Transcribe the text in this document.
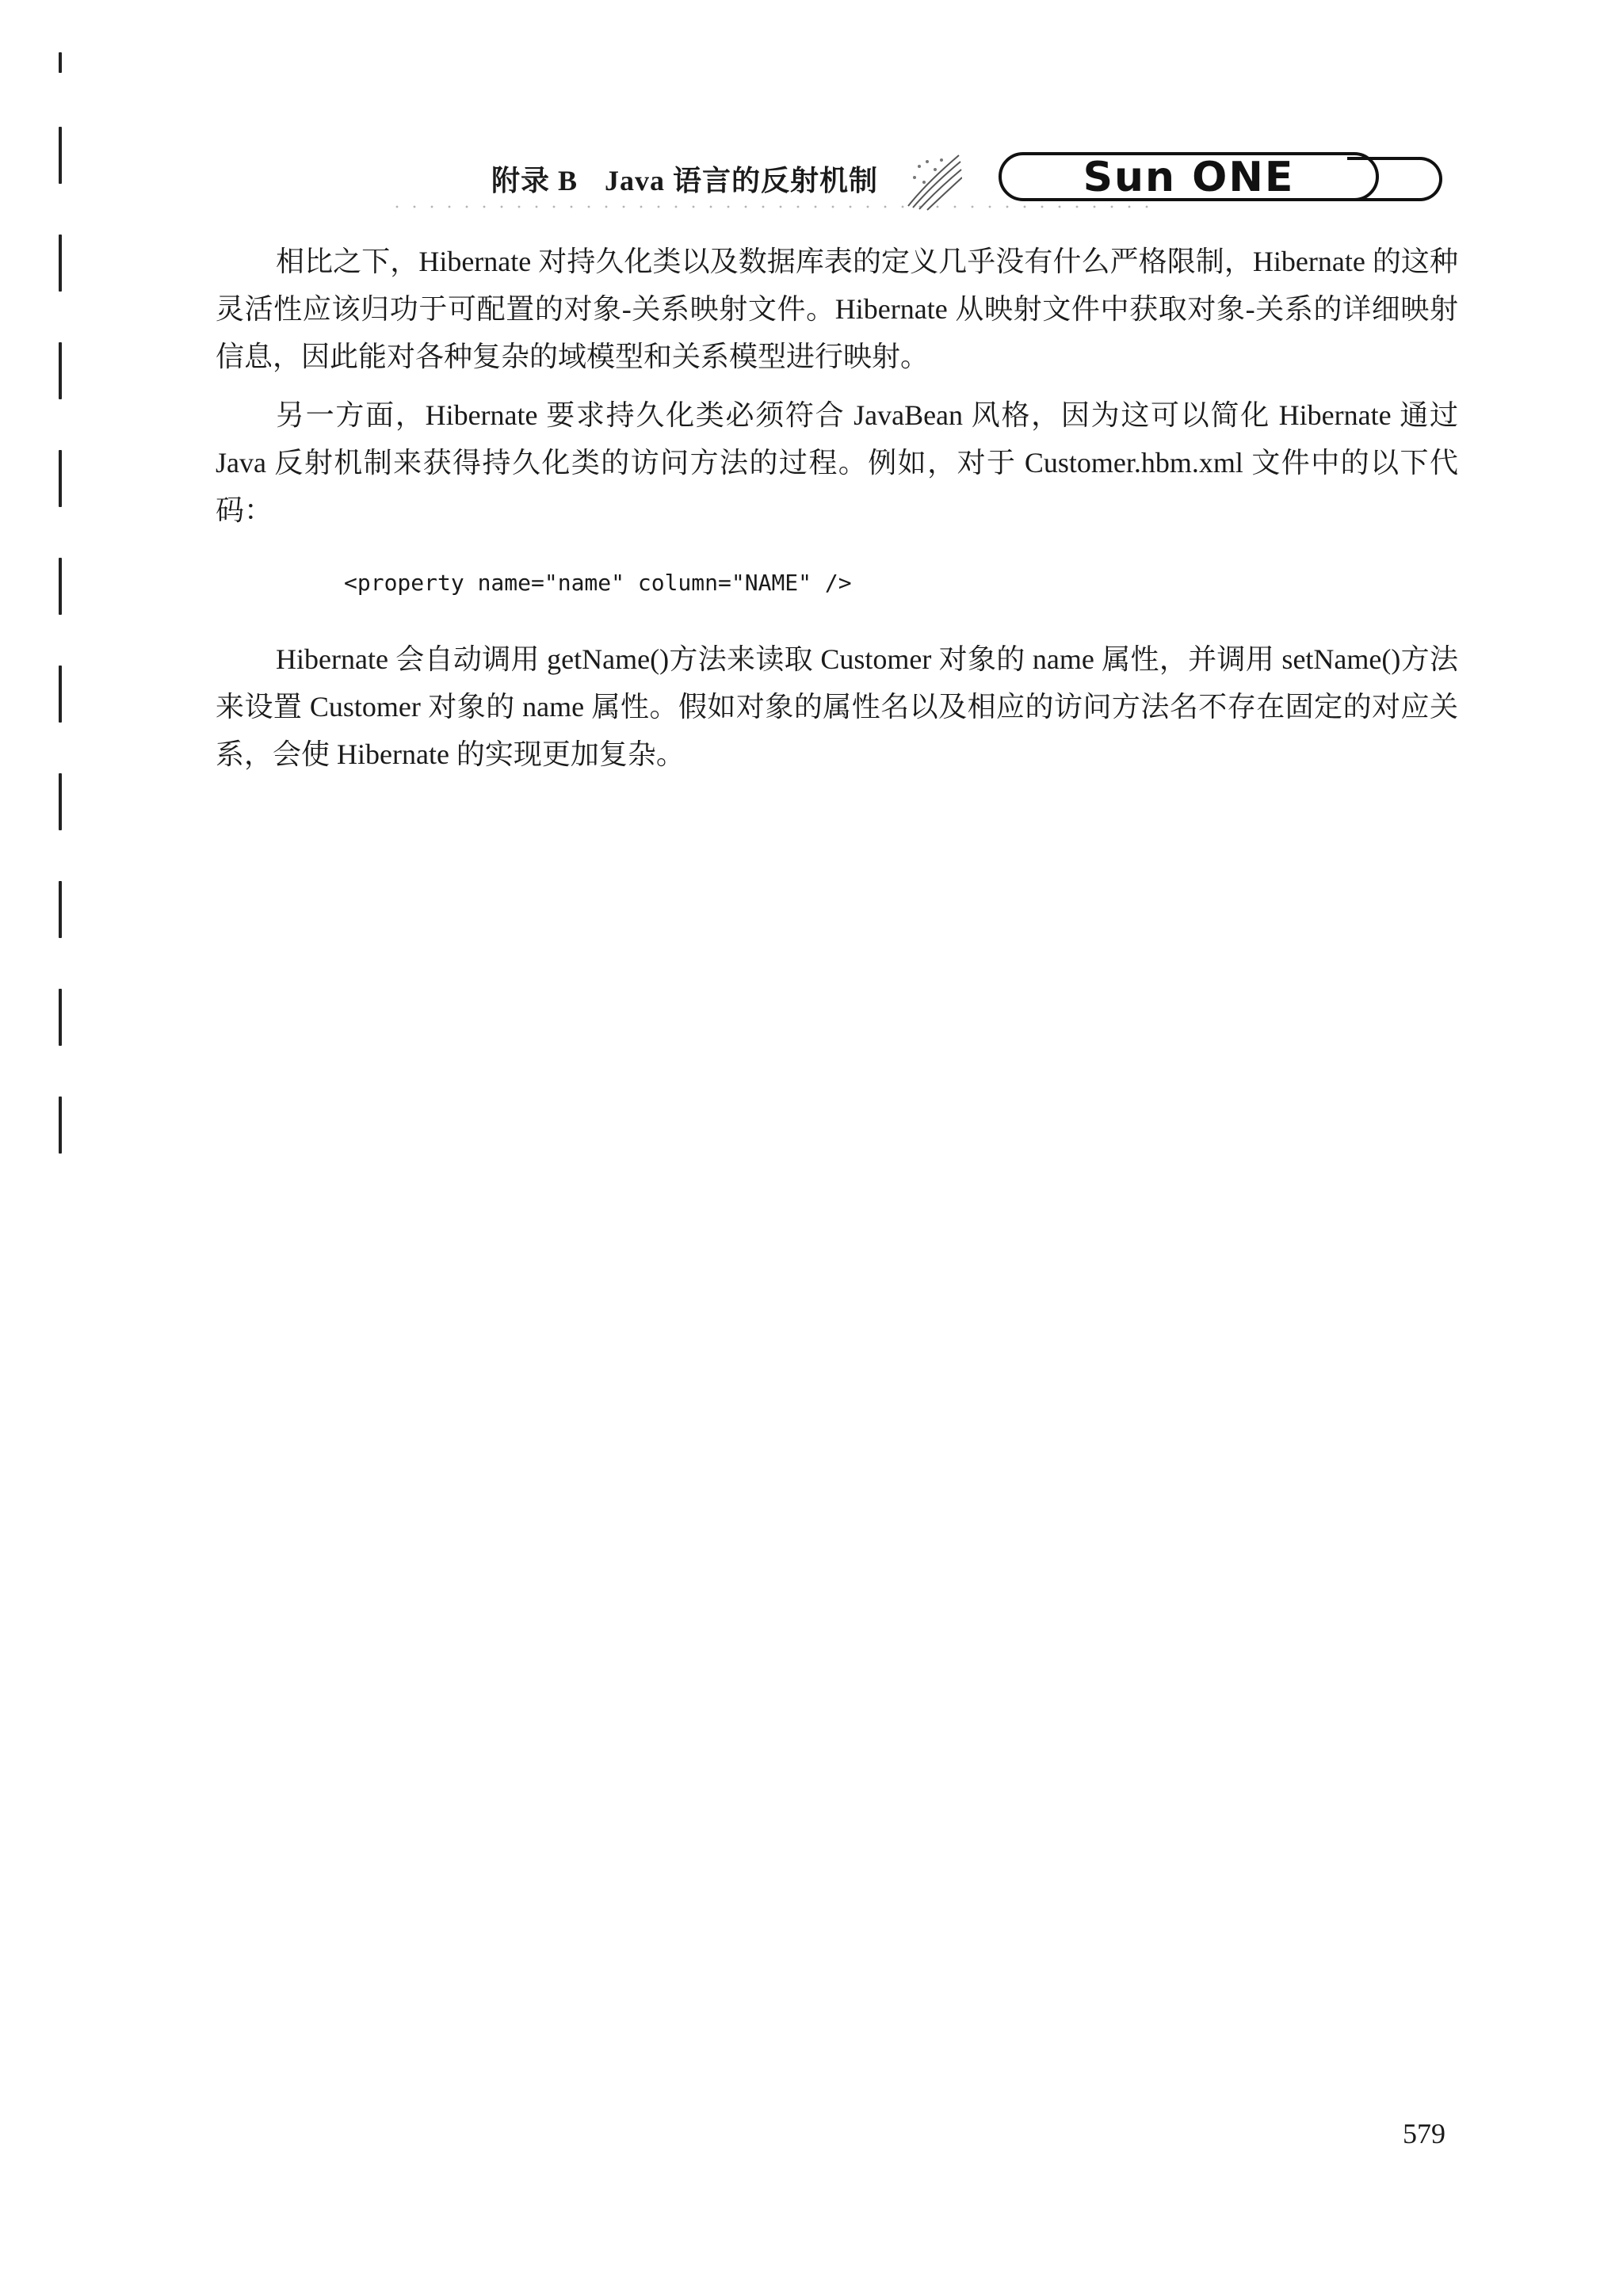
附录 B Java 语言的反射机制	Sun ONE

相比之下，Hibernate 对持久化类以及数据库表的定义几乎没有什么严格限制，Hibernate 的这种灵活性应该归功于可配置的对象-关系映射文件。Hibernate 从映射文件中获取对象-关系的详细映射信息，因此能对各种复杂的域模型和关系模型进行映射。

另一方面，Hibernate 要求持久化类必须符合 JavaBean 风格，因为这可以简化 Hibernate 通过 Java 反射机制来获得持久化类的访问方法的过程。例如，对于 Customer.hbm.xml 文件中的以下代码：

<property name="name" column="NAME" />

Hibernate 会自动调用 getName()方法来读取 Customer 对象的 name 属性，并调用 setName()方法来设置 Customer 对象的 name 属性。假如对象的属性名以及相应的访问方法名不存在固定的对应关系，会使 Hibernate 的实现更加复杂。

579
